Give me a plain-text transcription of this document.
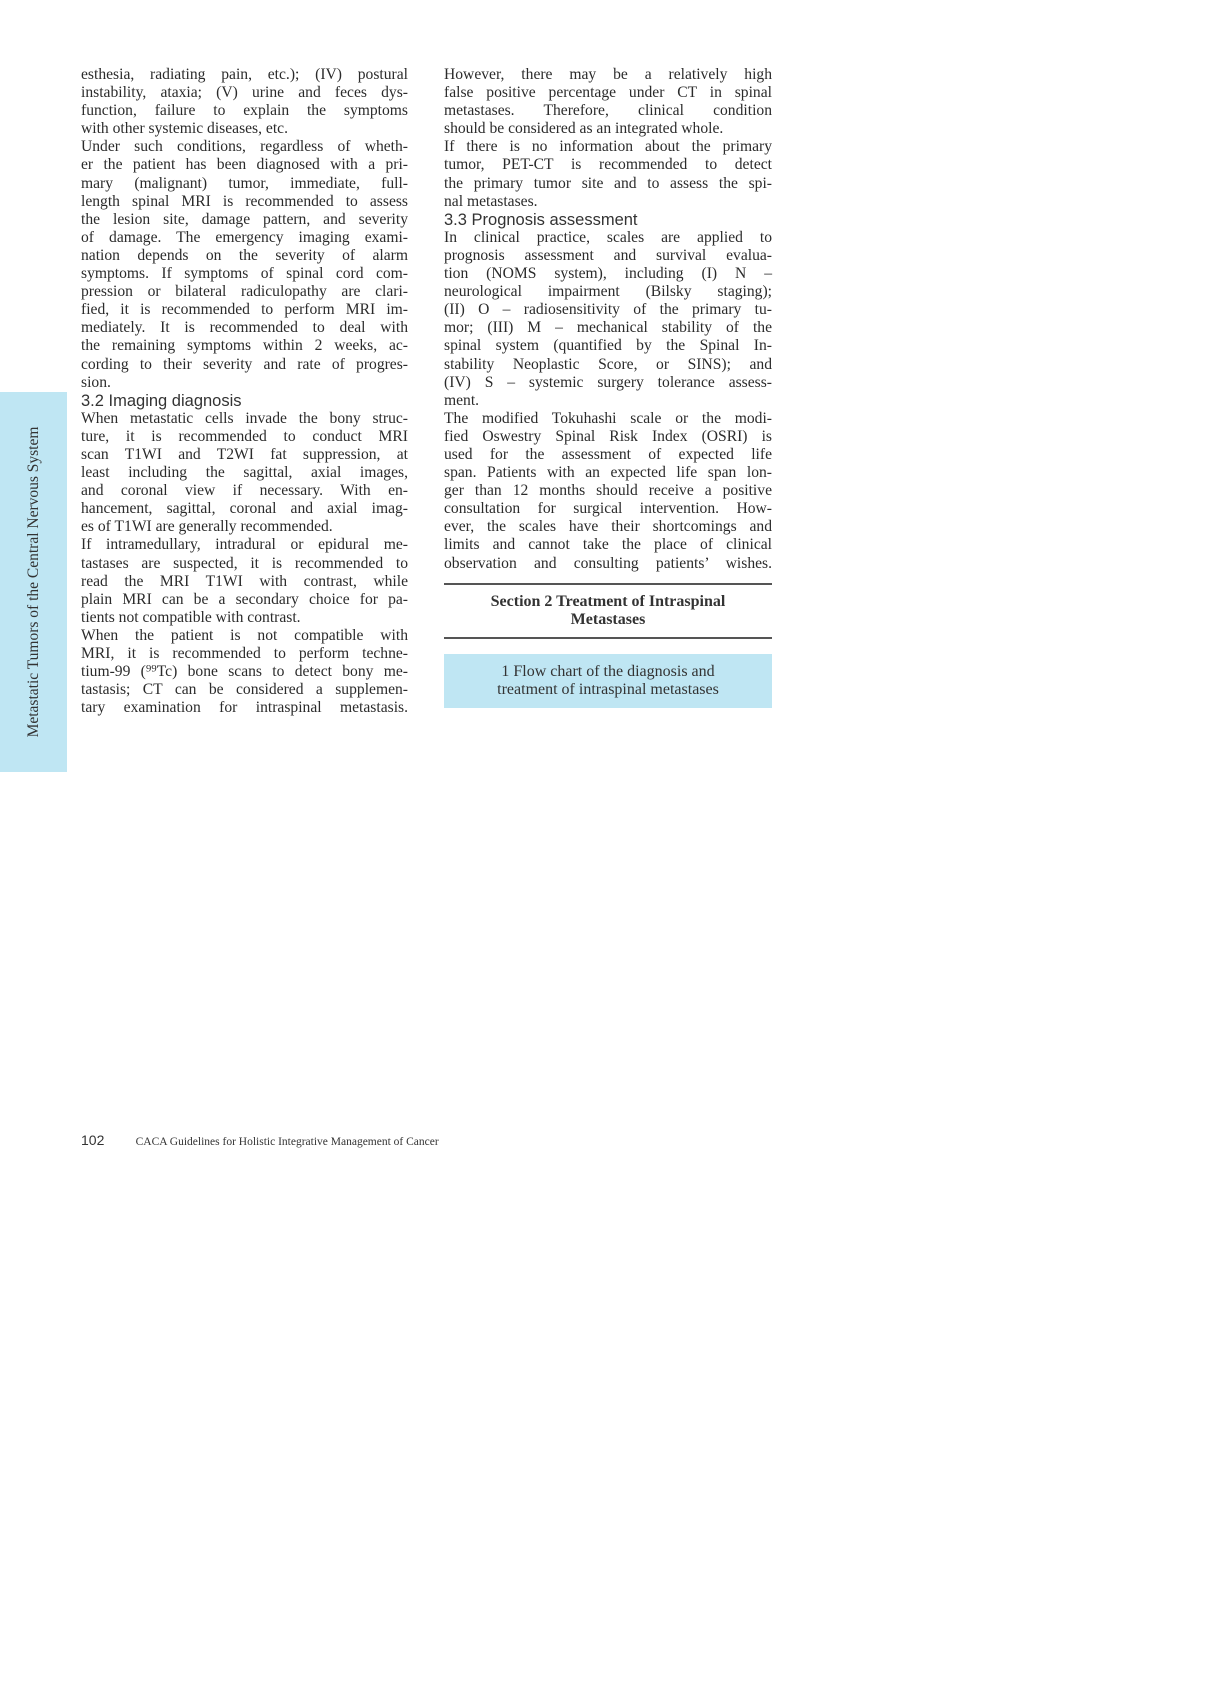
Metastatic Tumors of the Central Nervous System
esthesia, radiating pain, etc.); (IV) postural
instability, ataxia; (V) urine and feces dys-
function, failure to explain the symptoms
with other systemic diseases, etc.
Under such conditions, regardless of wheth-
er the patient has been diagnosed with a pri-
mary (malignant) tumor, immediate, full-
length spinal MRI is recommended to assess
the lesion site, damage pattern, and severity
of damage. The emergency imaging exami-
nation depends on the severity of alarm
symptoms. If symptoms of spinal cord com-
pression or bilateral radiculopathy are clari-
fied, it is recommended to perform MRI im-
mediately. It is recommended to deal with
the remaining symptoms within 2 weeks, ac-
cording to their severity and rate of progres-
sion.
3.2 Imaging diagnosis
When metastatic cells invade the bony struc-
ture, it is recommended to conduct MRI
scan T1WI and T2WI fat suppression, at
least including the sagittal, axial images,
and coronal view if necessary. With en-
hancement, sagittal, coronal and axial imag-
es of T1WI are generally recommended.
If intramedullary, intradural or epidural me-
tastases are suspected, it is recommended to
read the MRI T1WI with contrast, while
plain MRI can be a secondary choice for pa-
tients not compatible with contrast.
When the patient is not compatible with
MRI, it is recommended to perform techne-
tium-99 (⁹⁹Tc) bone scans to detect bony me-
tastasis; CT can be considered a supplemen-
tary examination for intraspinal metastasis.
However, there may be a relatively high
false positive percentage under CT in spinal
metastases. Therefore, clinical condition
should be considered as an integrated whole.
If there is no information about the primary
tumor, PET-CT is recommended to detect
the primary tumor site and to assess the spi-
nal metastases.
3.3 Prognosis assessment
In clinical practice, scales are applied to
prognosis assessment and survival evalua-
tion (NOMS system), including (I) N –
neurological impairment (Bilsky staging);
(II) O – radiosensitivity of the primary tu-
mor; (III) M – mechanical stability of the
spinal system (quantified by the Spinal In-
stability Neoplastic Score, or SINS); and
(IV) S – systemic surgery tolerance assess-
ment.
The modified Tokuhashi scale or the modi-
fied Oswestry Spinal Risk Index (OSRI) is
used for the assessment of expected life
span. Patients with an expected life span lon-
ger than 12 months should receive a positive
consultation for surgical intervention. How-
ever, the scales have their shortcomings and
limits and cannot take the place of clinical
observation and consulting patients’ wishes.
Section 2 Treatment of Intraspinal
Metastases
1 Flow chart of the diagnosis and
treatment of intraspinal metastases
102	CACA Guidelines for Holistic Integrative Management of Cancer
